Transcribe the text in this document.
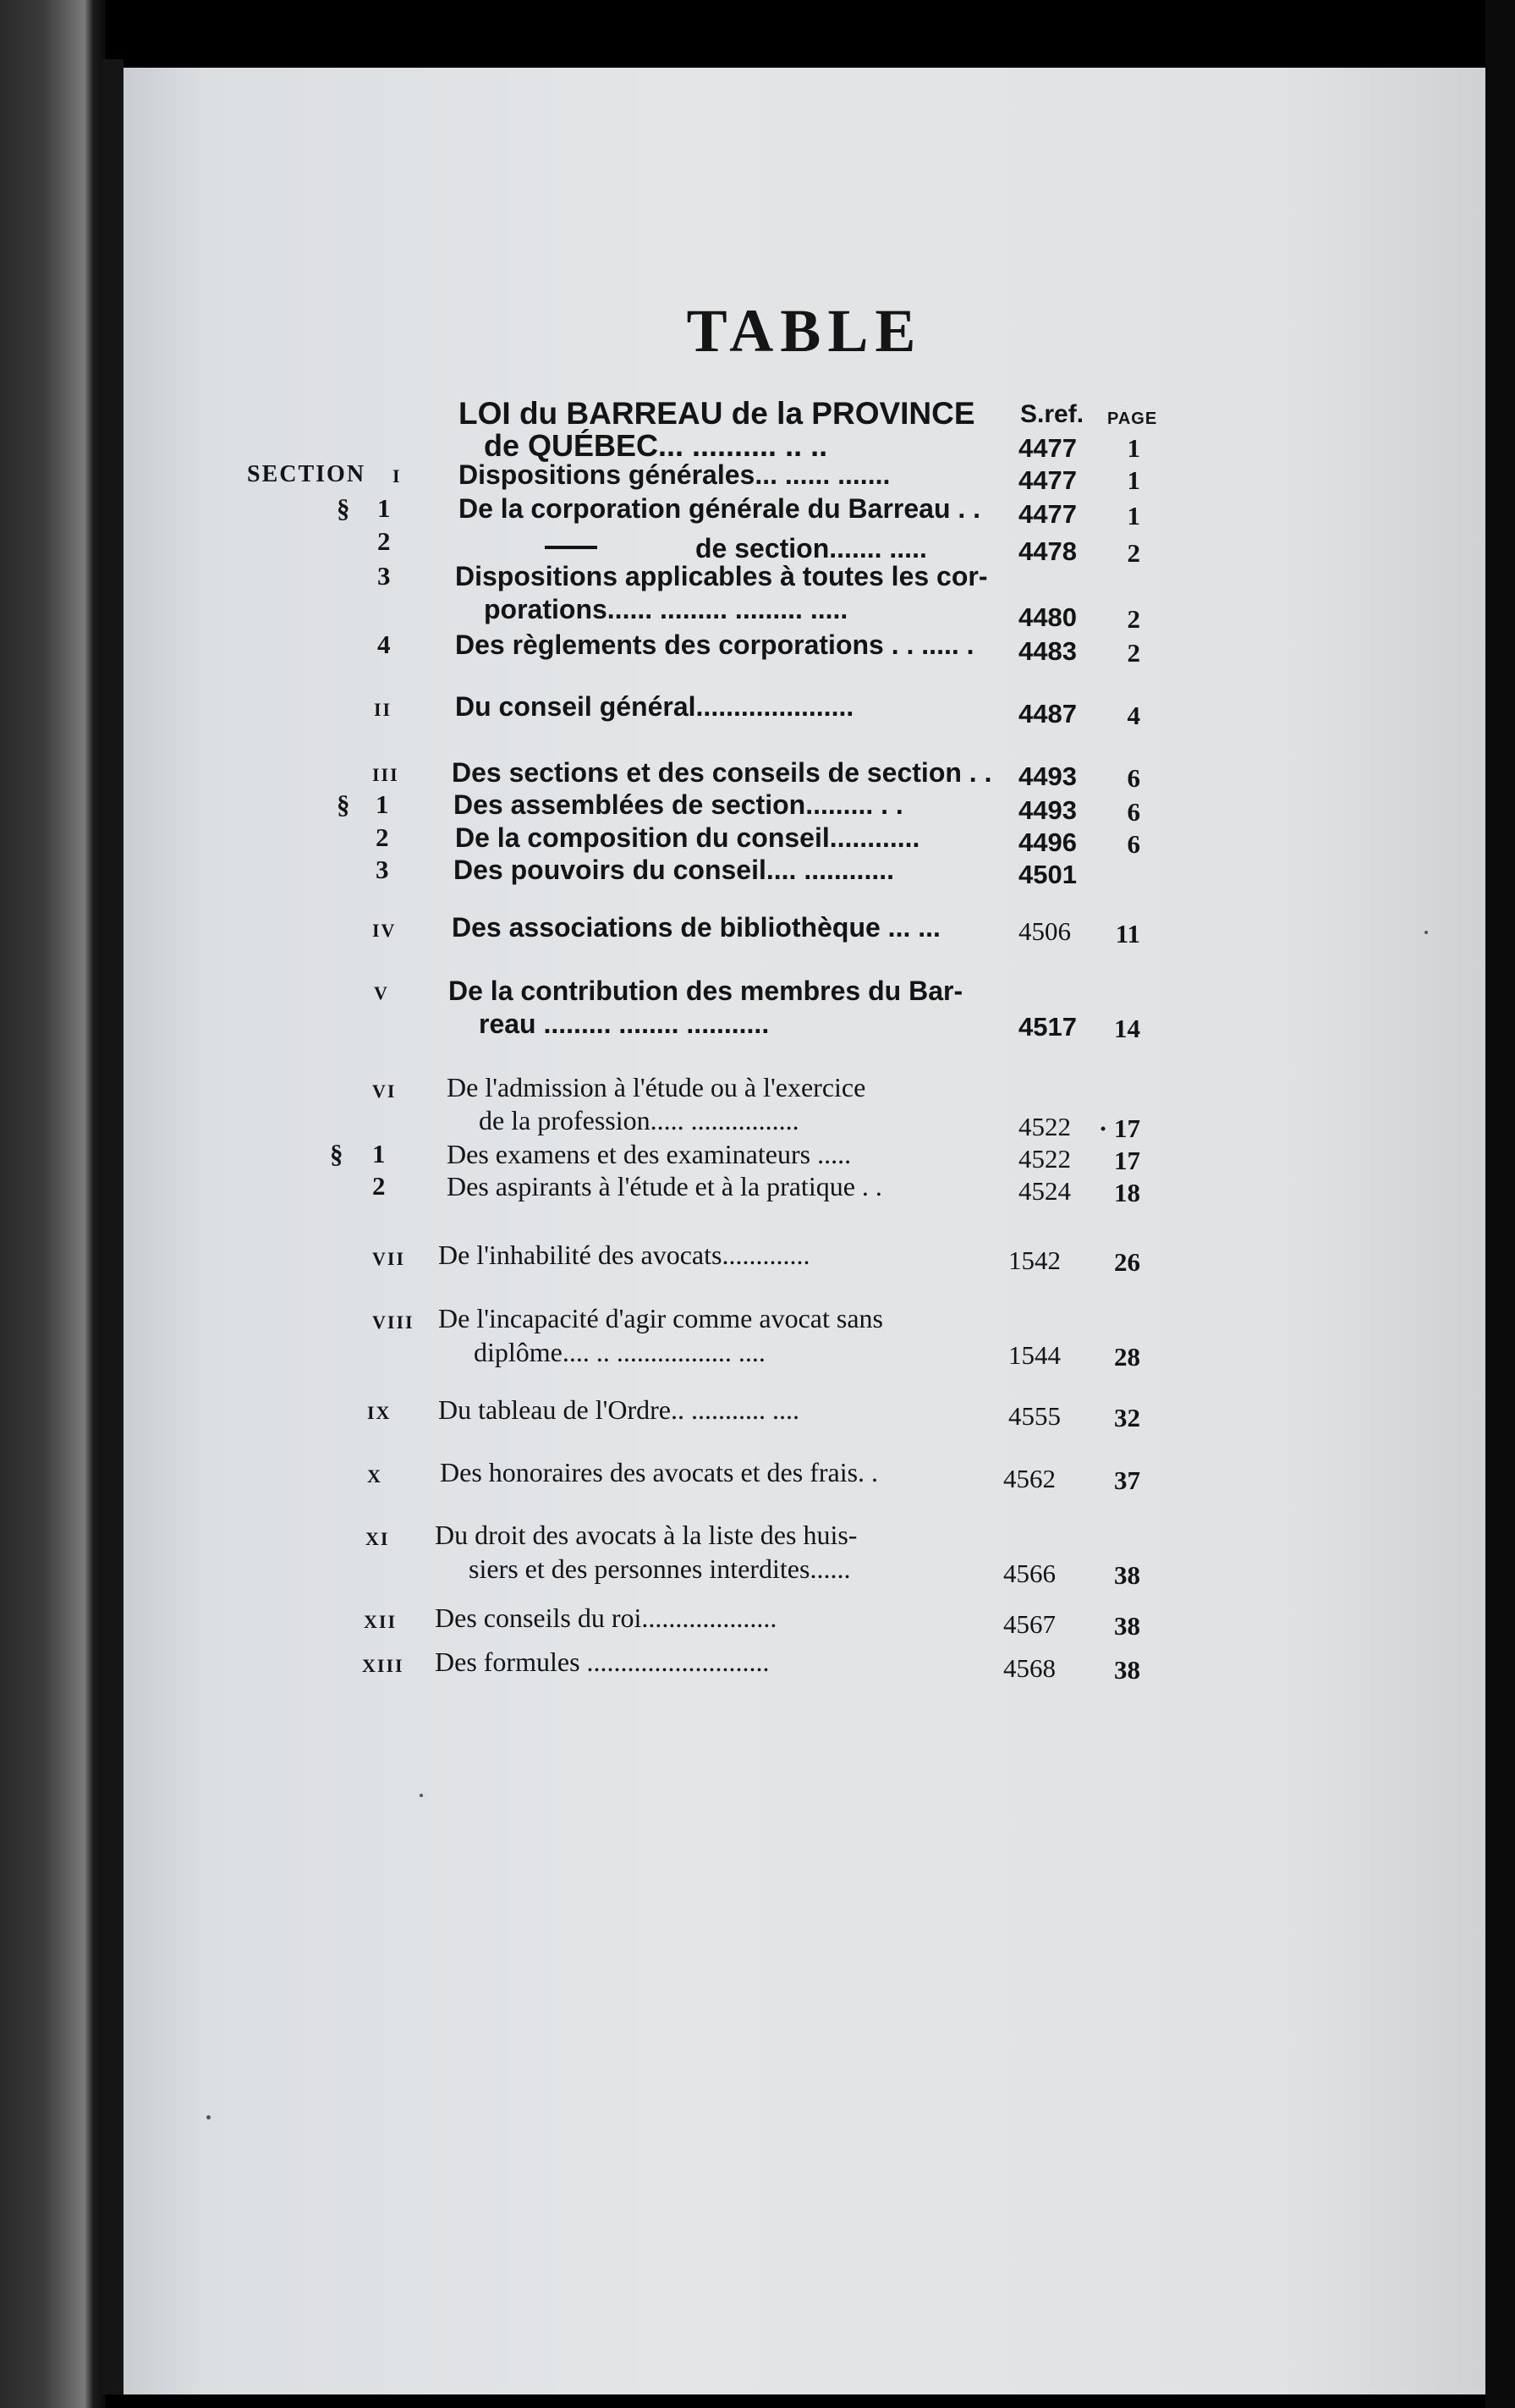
TABLE
LOI du BARREAU de la PROVINCE S.ref. PAGE
de QUÉBEC... .......... .. ..	4477	1
SECTION I Dispositions générales... ...... .......	4477	1
§ 1	De la corporation générale du Barreau . . 4477	1
2	de section....... .....	4478	2
3 Dispositions applicables à toutes les cor-
porations...... ......... ......... .....	4480	2
4 Des règlements des corporations . . ..... . 4483	2
II Du conseil général.....................	4487	4
III Des sections et des conseils de section . . 4493	6
§ 1 Des assemblées de section......... . .	4493	6
2 De la composition du conseil............	4496	6
3 Des pouvoirs du conseil.... ............	4501
IV Des associations de bibliothèque ... ...	4506	11
V De la contribution des membres du Bar-
reau ......... ........ ...........	4517	14
VI De l'admission à l'étude ou à l'exercice
de la profession..... ................	4522	· 17
§ 1 Des examens et des examinateurs .....	4522	17
2 Des aspirants à l'étude et à la pratique . .	4524	18
VII De l'inhabilité des avocats.............	1542	26
VIII De l'incapacité d'agir comme avocat sans
diplôme.... .. ................. ....	1544	28
IX Du tableau de l'Ordre.. ........... ....	4555	32
X Des honoraires des avocats et des frais. .	4562	37
XI Du droit des avocats à la liste des huis-
siers et des personnes interdites......	4566	38
XII Des conseils du roi....................	4567	38
XIII Des formules ...........................	4568	38
